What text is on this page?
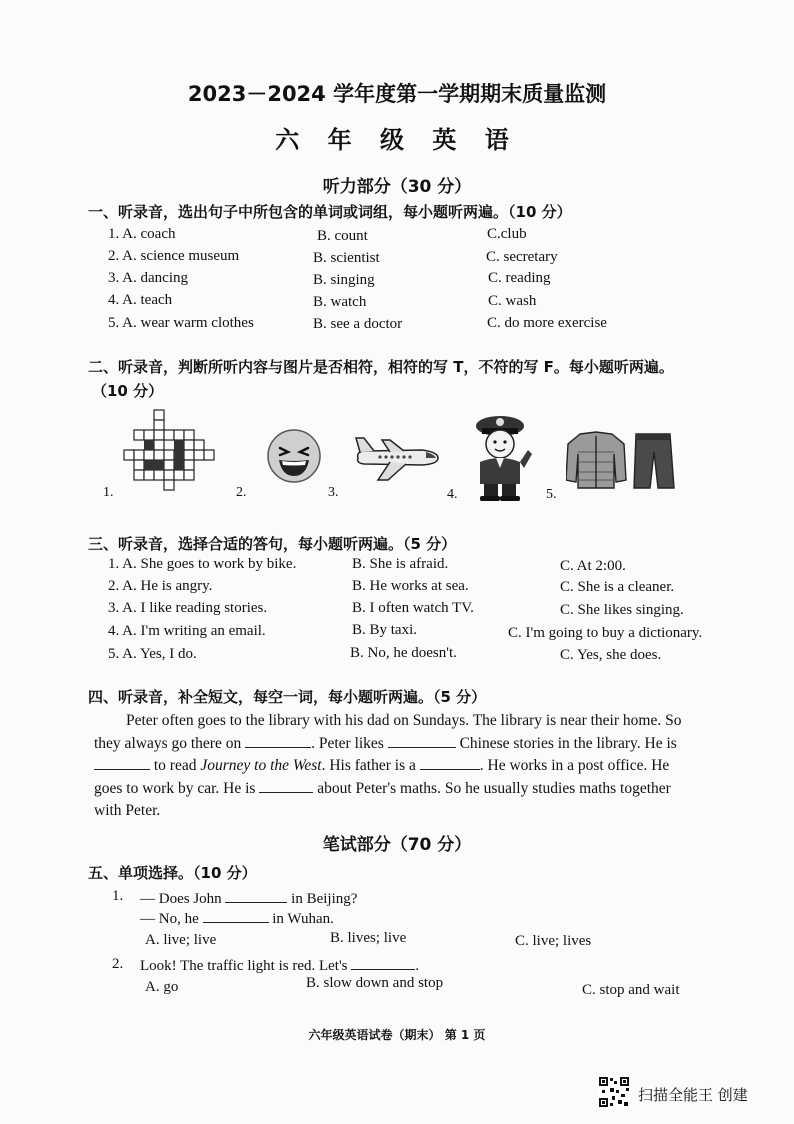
2023－2024 学年度第一学期期末质量监测
六 年 级 英 语
听力部分（30 分）
一、听录音，选出句子中所包含的单词或词组，每小题听两遍。（10 分）
1. A. coach	B. count	C.club
2. A. science museum	B. scientist	C. secretary
3. A. dancing	B. singing	C. reading
4. A. teach	B. watch	C. wash
5. A. wear warm clothes	B. see a doctor	C. do more exercise
二、听录音，判断所听内容与图片是否相符，相符的写 T，不符的写 F。每小题听两遍。
（10 分）
1.	2.	3.	4.	5.
三、听录音，选择合适的答句，每小题听两遍。（5 分）
1. A. She goes to work by bike.	B. She is afraid.	C. At 2:00.
2. A. He is angry.	B. He works at sea.	C. She is a cleaner.
3. A. I like reading stories.	B. I often watch TV.	C. She likes singing.
4. A. I'm writing an email.	B. By taxi.	C. I'm going to buy a dictionary.
5. A. Yes, I do.	B. No, he doesn't.	C. Yes, she does.
四、听录音，补全短文，每空一词，每小题听两遍。（5 分）
Peter often goes to the library with his dad on Sundays. The library is near their home. So
they always go there on	. Peter likes	Chinese stories in the library. He is
to read Journey to the West. His father is a	. He works in a post office. He
goes to work by car. He is	about Peter's maths. So he usually studies maths together
with Peter.
笔试部分（70 分）
五、单项选择。（10 分）
1. — Does John	in Beijing?
— No, he	in Wuhan.
A. live; live	B. lives; live	C. live; lives
2. Look! The traffic light is red. Let's	.
A. go	B. slow down and stop	C. stop and wait
六年级英语试卷（期末） 第 1 页
扫描全能王 创建
